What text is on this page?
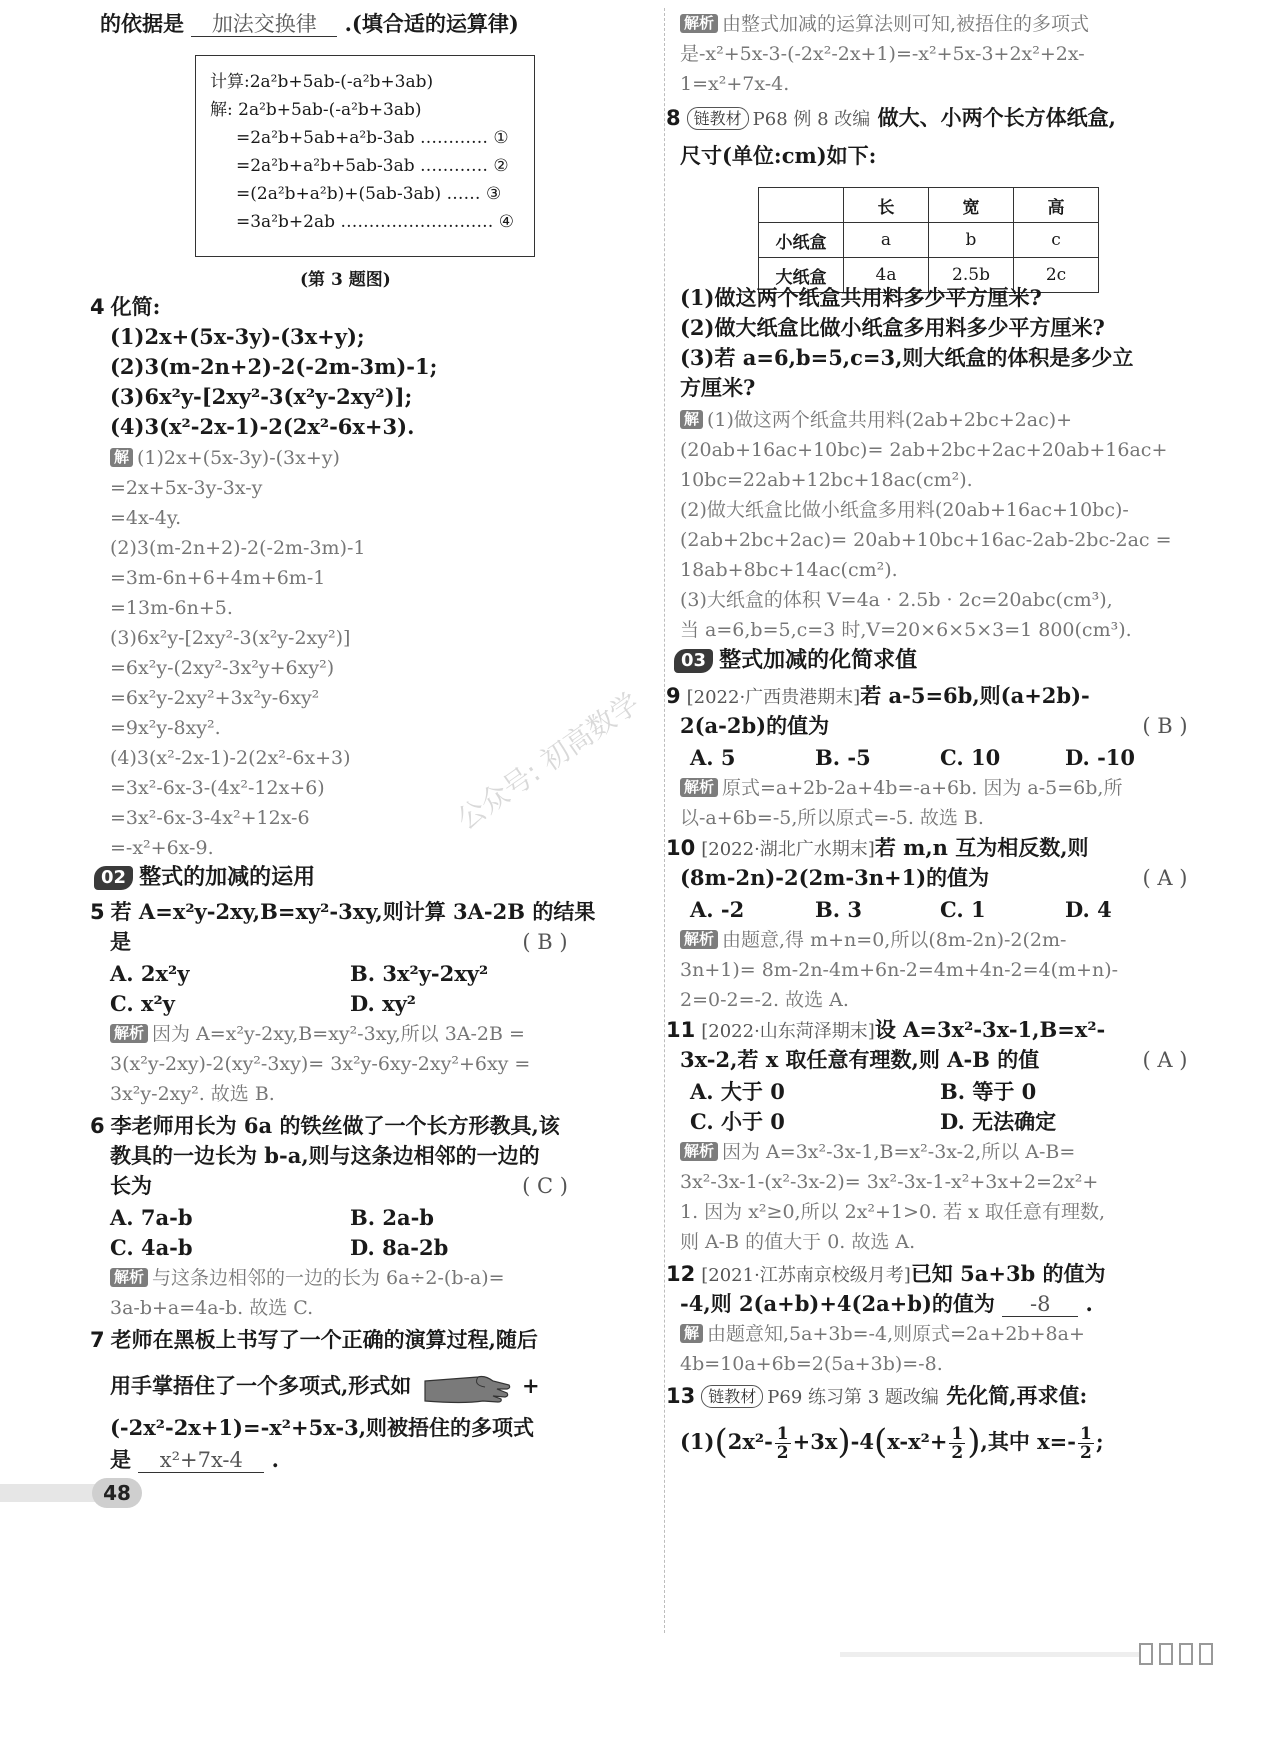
公众号: 初高数学
的依据是 加法交换律 .(填合适的运算律)
计算:2a²b+5ab-(-a²b+3ab)
解: 2a²b+5ab-(-a²b+3ab)
=2a²b+5ab+a²b-3ab ………… ①
=2a²b+a²b+5ab-3ab ………… ②
=(2a²b+a²b)+(5ab-3ab) …… ③
=3a²b+2ab ……………………… ④
(第 3 题图)
4 化简:
(1)2x+(5x-3y)-(3x+y);
(2)3(m-2n+2)-2(-2m-3m)-1;
(3)6x²y-[2xy²-3(x²y-2xy²)];
(4)3(x²-2x-1)-2(2x²-6x+3).
解 (1)2x+(5x-3y)-(3x+y)
=2x+5x-3y-3x-y
=4x-4y.
(2)3(m-2n+2)-2(-2m-3m)-1
=3m-6n+6+4m+6m-1
=13m-6n+5.
(3)6x²y-[2xy²-3(x²y-2xy²)]
=6x²y-(2xy²-3x²y+6xy²)
=6x²y-2xy²+3x²y-6xy²
=9x²y-8xy².
(4)3(x²-2x-1)-2(2x²-6x+3)
=3x²-6x-3-(4x²-12x+6)
=3x²-6x-3-4x²+12x-6
=-x²+6x-9.
02 整式的加减的运用
5 若 A=x²y-2xy,B=xy²-3xy,则计算 3A-2B 的结果
是	( B )
A. 2x²y	B. 3x²y-2xy²
C. x²y	D. xy²
解析 因为 A=x²y-2xy,B=xy²-3xy,所以 3A-2B =
3(x²y-2xy)-2(xy²-3xy)= 3x²y-6xy-2xy²+6xy =
3x²y-2xy². 故选 B.
6 李老师用长为 6a 的铁丝做了一个长方形教具,该
教具的一边长为 b-a,则与这条边相邻的一边的
长为	( C )
A. 7a-b	B. 2a-b
C. 4a-b	D. 8a-2b
解析 与这条边相邻的一边的长为 6a÷2-(b-a)=
3a-b+a=4a-b. 故选 C.
7 老师在黑板上书写了一个正确的演算过程,随后
用手掌捂住了一个多项式,形式如	+
(-2x²-2x+1)=-x²+5x-3,则被捂住的多项式
是 x²+7x-4 .
48
解析 由整式加减的运算法则可知,被捂住的多项式
是-x²+5x-3-(-2x²-2x+1)=-x²+5x-3+2x²+2x-
1=x²+7x-4.
8 链教材 P68 例 8 改编 做大、小两个长方体纸盒,
尺寸(单位:cm)如下:
	长	宽	高
小纸盒	a	b	c
大纸盒	4a	2.5b	2c
(1)做这两个纸盒共用料多少平方厘米?
(2)做大纸盒比做小纸盒多用料多少平方厘米?
(3)若 a=6,b=5,c=3,则大纸盒的体积是多少立
方厘米?
解 (1)做这两个纸盒共用料(2ab+2bc+2ac)+
(20ab+16ac+10bc)= 2ab+2bc+2ac+20ab+16ac+
10bc=22ab+12bc+18ac(cm²).
(2)做大纸盒比做小纸盒多用料(20ab+16ac+10bc)-
(2ab+2bc+2ac)= 20ab+10bc+16ac-2ab-2bc-2ac =
18ab+8bc+14ac(cm²).
(3)大纸盒的体积 V=4a · 2.5b · 2c=20abc(cm³),
当 a=6,b=5,c=3 时,V=20×6×5×3=1 800(cm³).
03 整式加减的化简求值
9 [2022·广西贵港期末]若 a-5=6b,则(a+2b)-
2(a-2b)的值为	( B )
A. 5	B. -5	C. 10	D. -10
解析 原式=a+2b-2a+4b=-a+6b. 因为 a-5=6b,所
以-a+6b=-5,所以原式=-5. 故选 B.
10 [2022·湖北广水期末]若 m,n 互为相反数,则
(8m-2n)-2(2m-3n+1)的值为	( A )
A. -2	B. 3	C. 1	D. 4
解析 由题意,得 m+n=0,所以(8m-2n)-2(2m-
3n+1)= 8m-2n-4m+6n-2=4m+4n-2=4(m+n)-
2=0-2=-2. 故选 A.
11 [2022·山东菏泽期末]设 A=3x²-3x-1,B=x²-
3x-2,若 x 取任意有理数,则 A-B 的值	( A )
A. 大于 0	B. 等于 0
C. 小于 0	D. 无法确定
解析 因为 A=3x²-3x-1,B=x²-3x-2,所以 A-B=
3x²-3x-1-(x²-3x-2)= 3x²-3x-1-x²+3x+2=2x²+
1. 因为 x²≥0,所以 2x²+1>0. 若 x 取任意有理数,
则 A-B 的值大于 0. 故选 A.
12 [2021·江苏南京校级月考]已知 5a+3b 的值为
-4,则 2(a+b)+4(2a+b)的值为 -8 .
解 由题意知,5a+3b=-4,则原式=2a+2b+8a+
4b=10a+6b=2(5a+3b)=-8.
13 链教材 P69 练习第 3 题改编 先化简,再求值:
$(1)(2x^2- \frac{1}{2} +3x)-4(x-x^2+ \frac{1}{2}$ ),其中 $x=- \frac{1}{2}$ ;
